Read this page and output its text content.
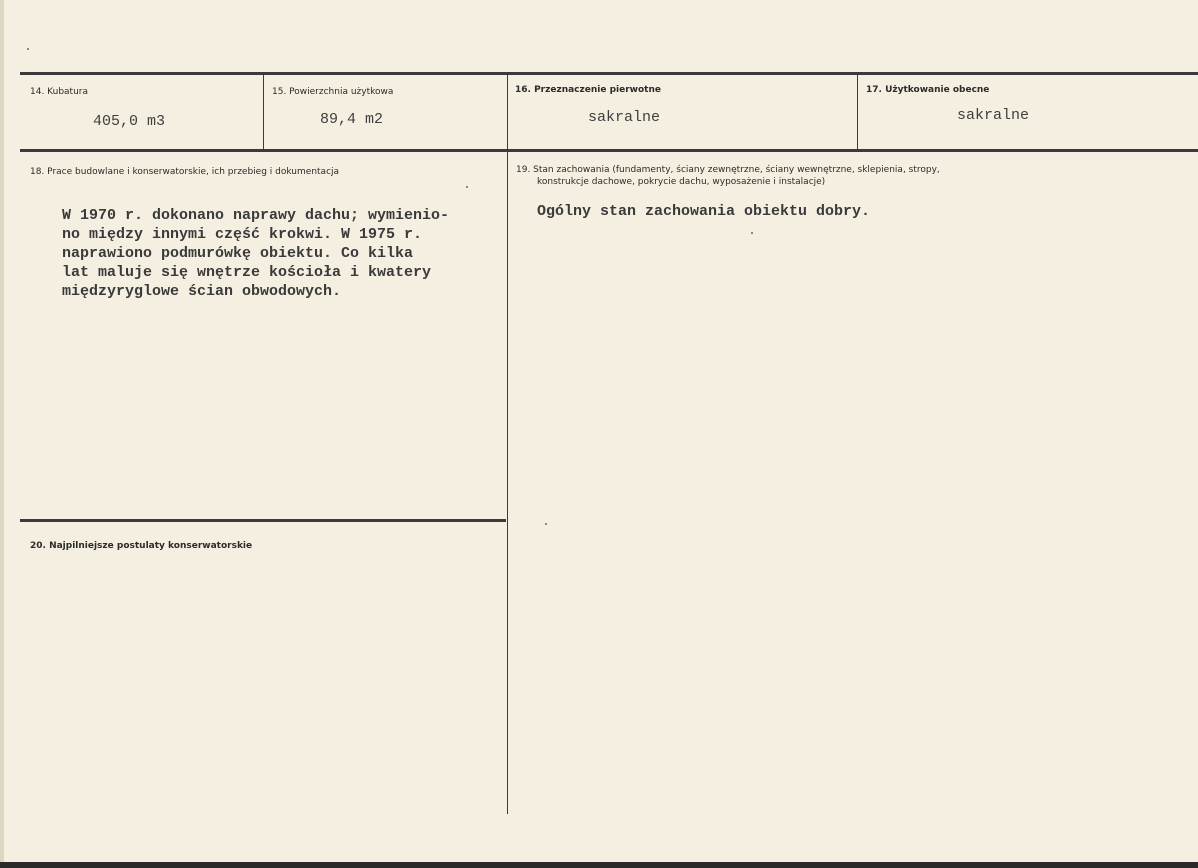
14. Kubatura
405,0 m3
15. Powierzchnia użytkowa
89,4 m2
16. Przeznaczenie pierwotne
sakralne
17. Użytkowanie obecne
sakralne
18. Prace budowlane i konserwatorskie, ich przebieg i dokumentacja
W 1970 r. dokonano naprawy dachu; wymienio-
no między innymi część krokwi. W 1975 r.
naprawiono podmurówkę obiektu. Co kilka
lat maluje się wnętrze kościoła i kwatery
międzyryglowe ścian obwodowych.
19. Stan zachowania (fundamenty, ściany zewnętrzne, ściany wewnętrzne, sklepienia, stropy,
konstrukcje dachowe, pokrycie dachu, wyposażenie i instalacje)
Ogólny stan zachowania obiektu dobry.
20. Najpilniejsze postulaty konserwatorskie
